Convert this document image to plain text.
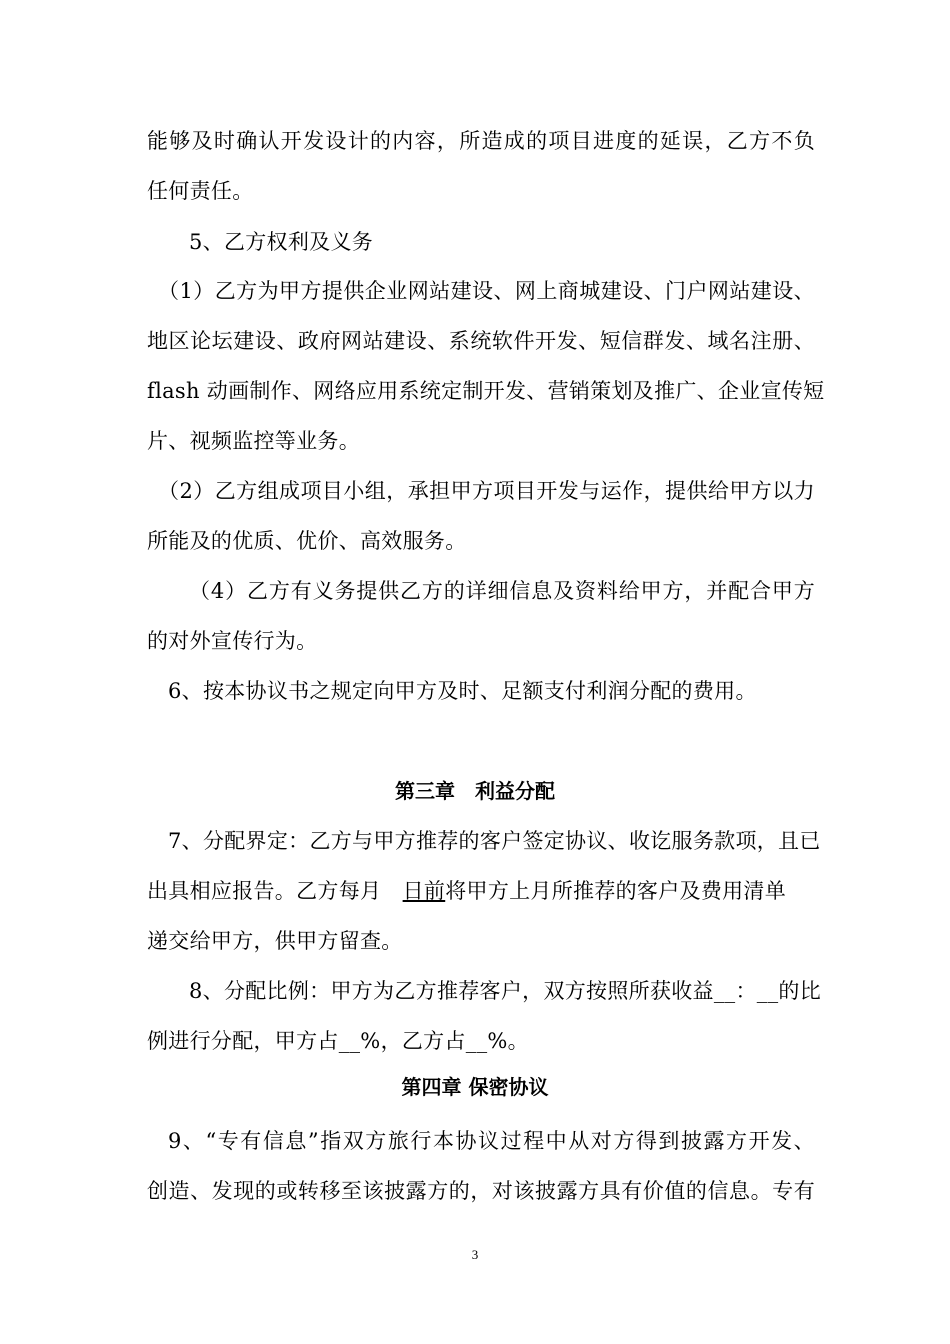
能够及时确认开发设计的内容，所造成的项目进度的延误，乙方不负
任何责任。
5、乙方权利及义务
（1）乙方为甲方提供企业网站建设、网上商城建设、门户网站建设、
地区论坛建设、政府网站建设、系统软件开发、短信群发、域名注册、
flash 动画制作、网络应用系统定制开发、营销策划及推广、企业宣传短
片、视频监控等业务。
（2）乙方组成项目小组，承担甲方项目开发与运作，提供给甲方以力
所能及的优质、优价、高效服务。
（4）乙方有义务提供乙方的详细信息及资料给甲方，并配合甲方
的对外宣传行为。
6、按本协议书之规定向甲方及时、足额支付利润分配的费用。
第三章　利益分配
7、分配界定：乙方与甲方推荐的客户签定协议、收讫服务款项，且已
出具相应报告。乙方每月　日前将甲方上月所推荐的客户及费用清单
递交给甲方，供甲方留查。
8、分配比例：甲方为乙方推荐客户，双方按照所获收益__：__的比
例进行分配，甲方占__%，乙方占__%。
第四章 保密协议
9、“专有信息”指双方旅行本协议过程中从对方得到披露方开发、
创造、发现的或转移至该披露方的，对该披露方具有价值的信息。专有
3
